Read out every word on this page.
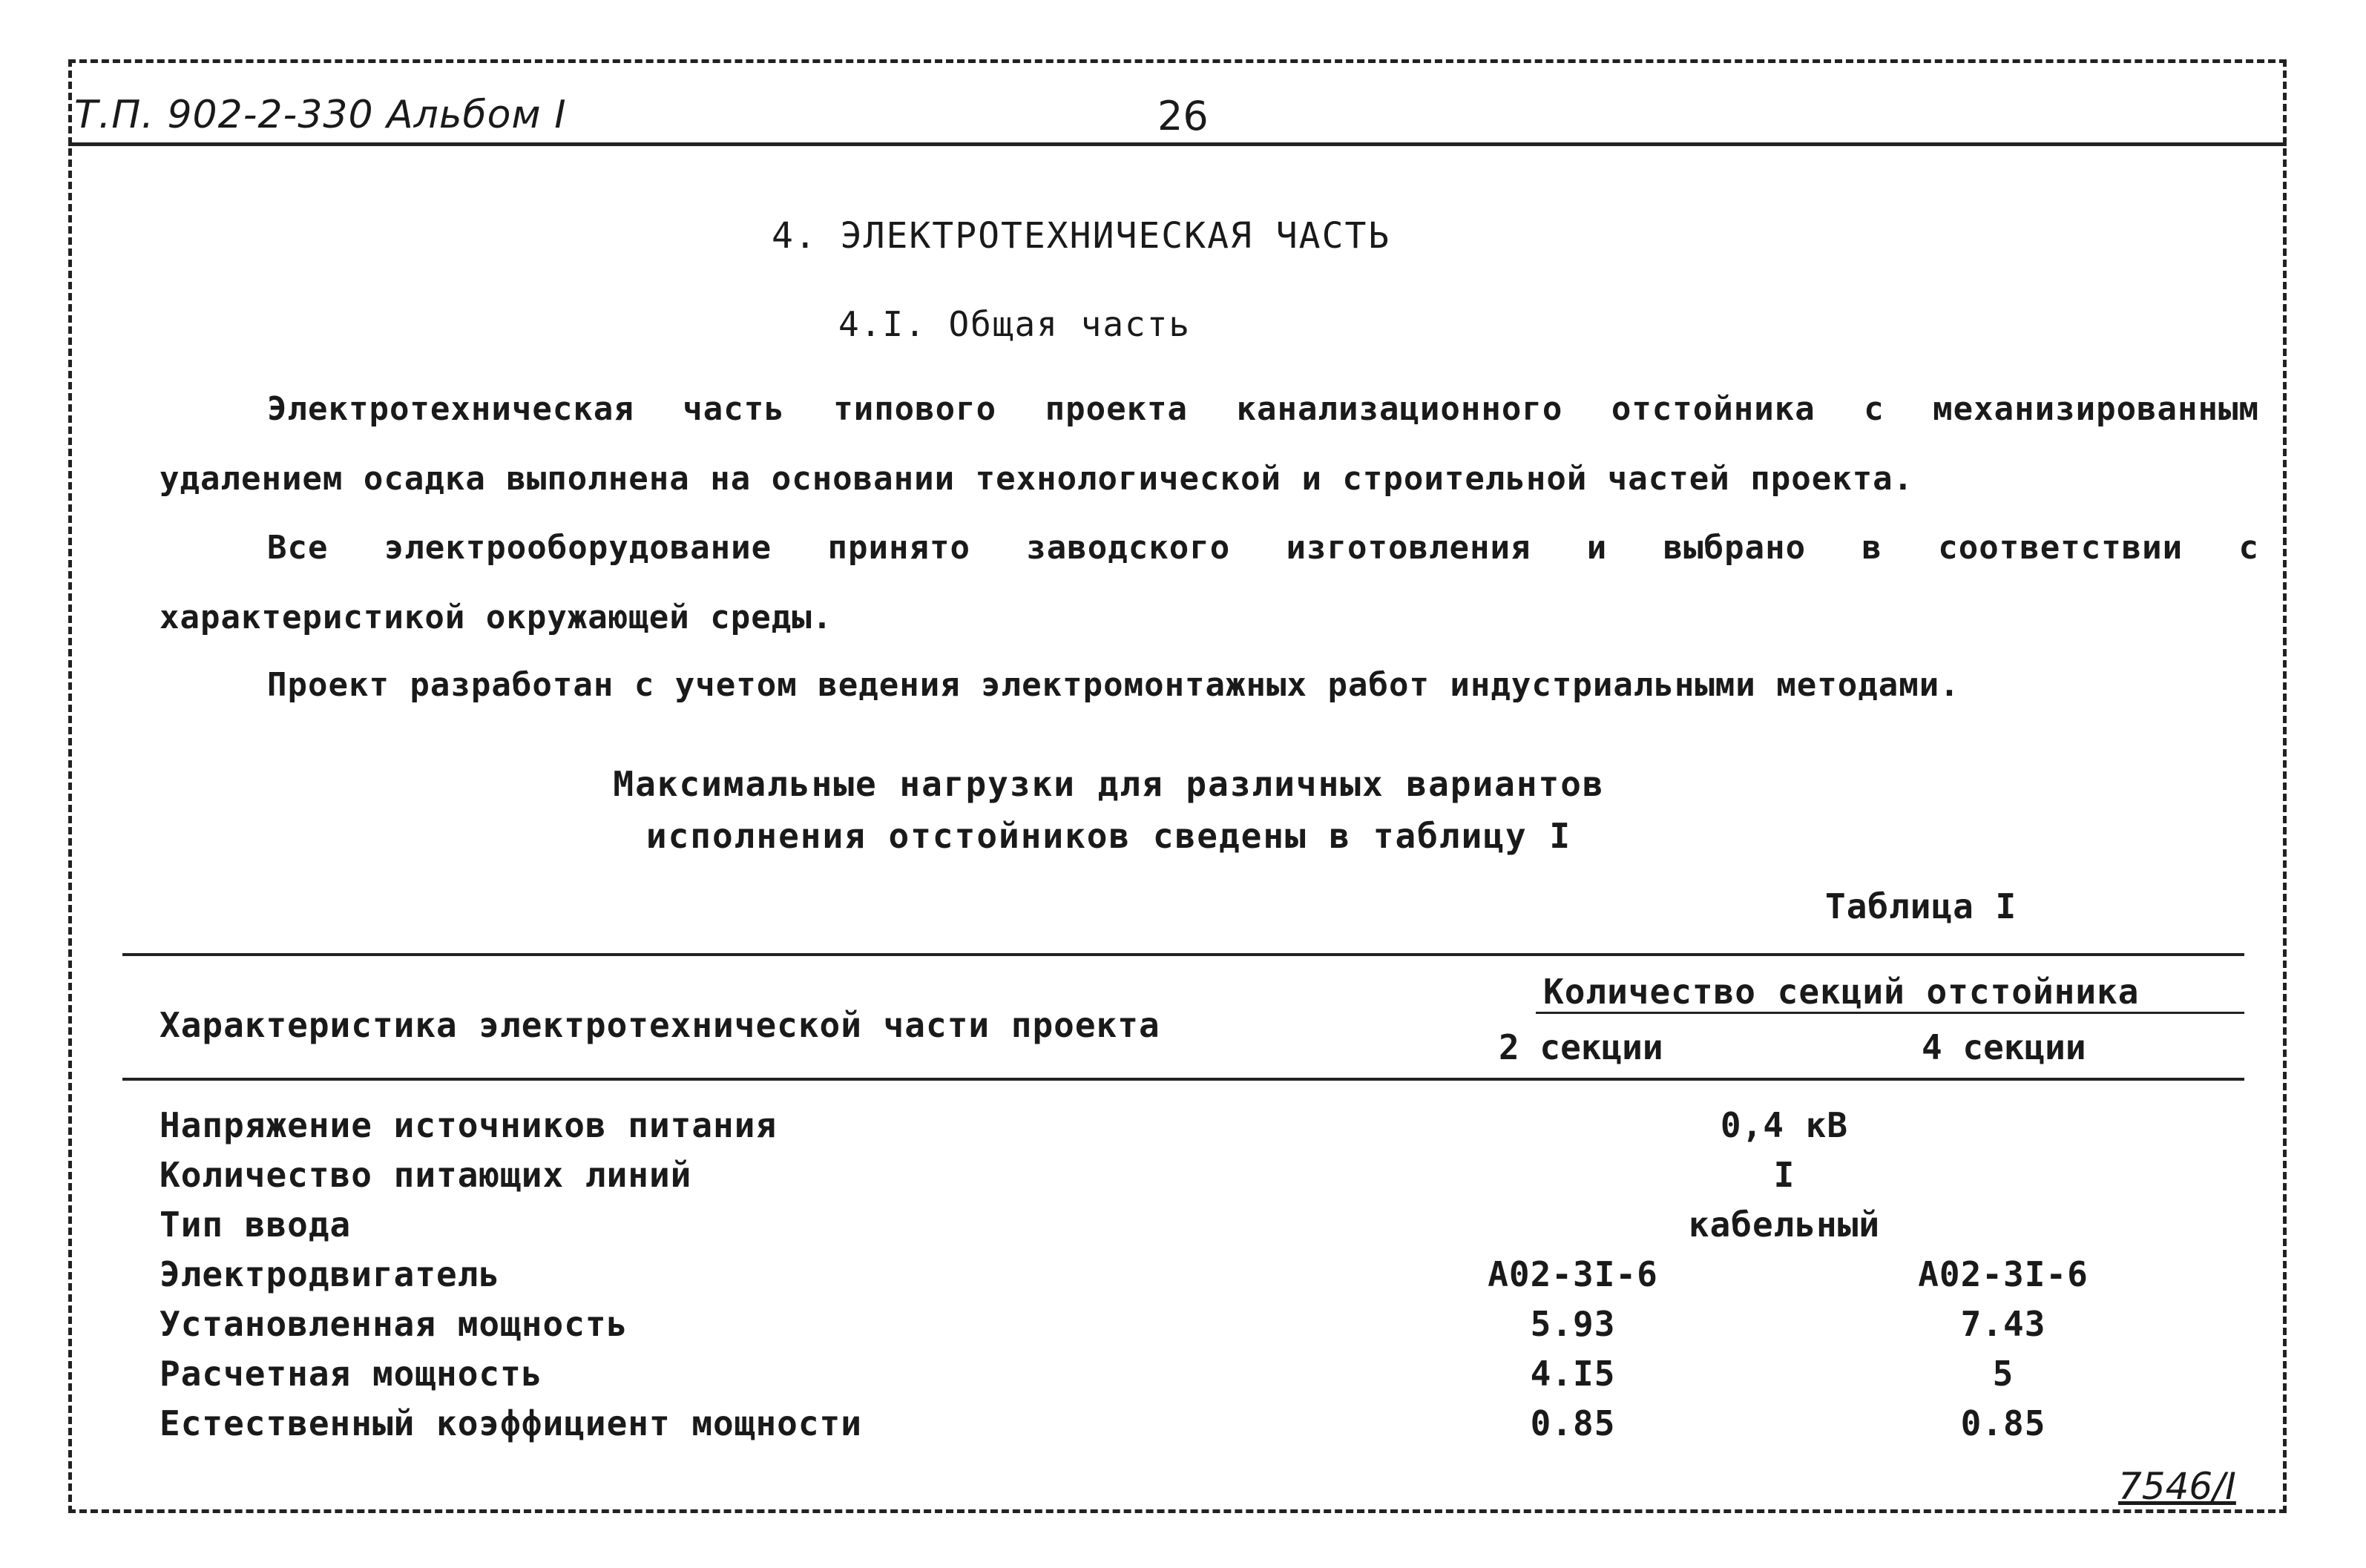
Т.П. 902-2-330 Альбом I	26
4. ЭЛЕКТРОТЕХНИЧЕСКАЯ ЧАСТЬ
4.I. Общая часть
Электротехническая часть типового проекта канализационного отстойника с механизированным удалением осадка выполнена на основании технологической и строительной частей проекта.
Все электрооборудование принято заводского изготовления и выбрано в соответствии с характеристикой окружающей среды.
Проект разработан с учетом ведения электромонтажных работ индустриальными методами.
Максимальные нагрузки для различных вариантов
исполнения отстойников сведены в таблицу I
Таблица I
Характеристика электротехнической части проекта
Количество секций отстойника
2 секции	4 секции
Напряжение источников питания	0,4 кВ
Количество питающих линий	I
Тип ввода	кабельный
Электродвигатель	А02-3I-6	А02-3I-6
Установленная мощность	5.93	7.43
Расчетная мощность	4.I5	5
Естественный коэффициент мощности	0.85	0.85
7546/I
